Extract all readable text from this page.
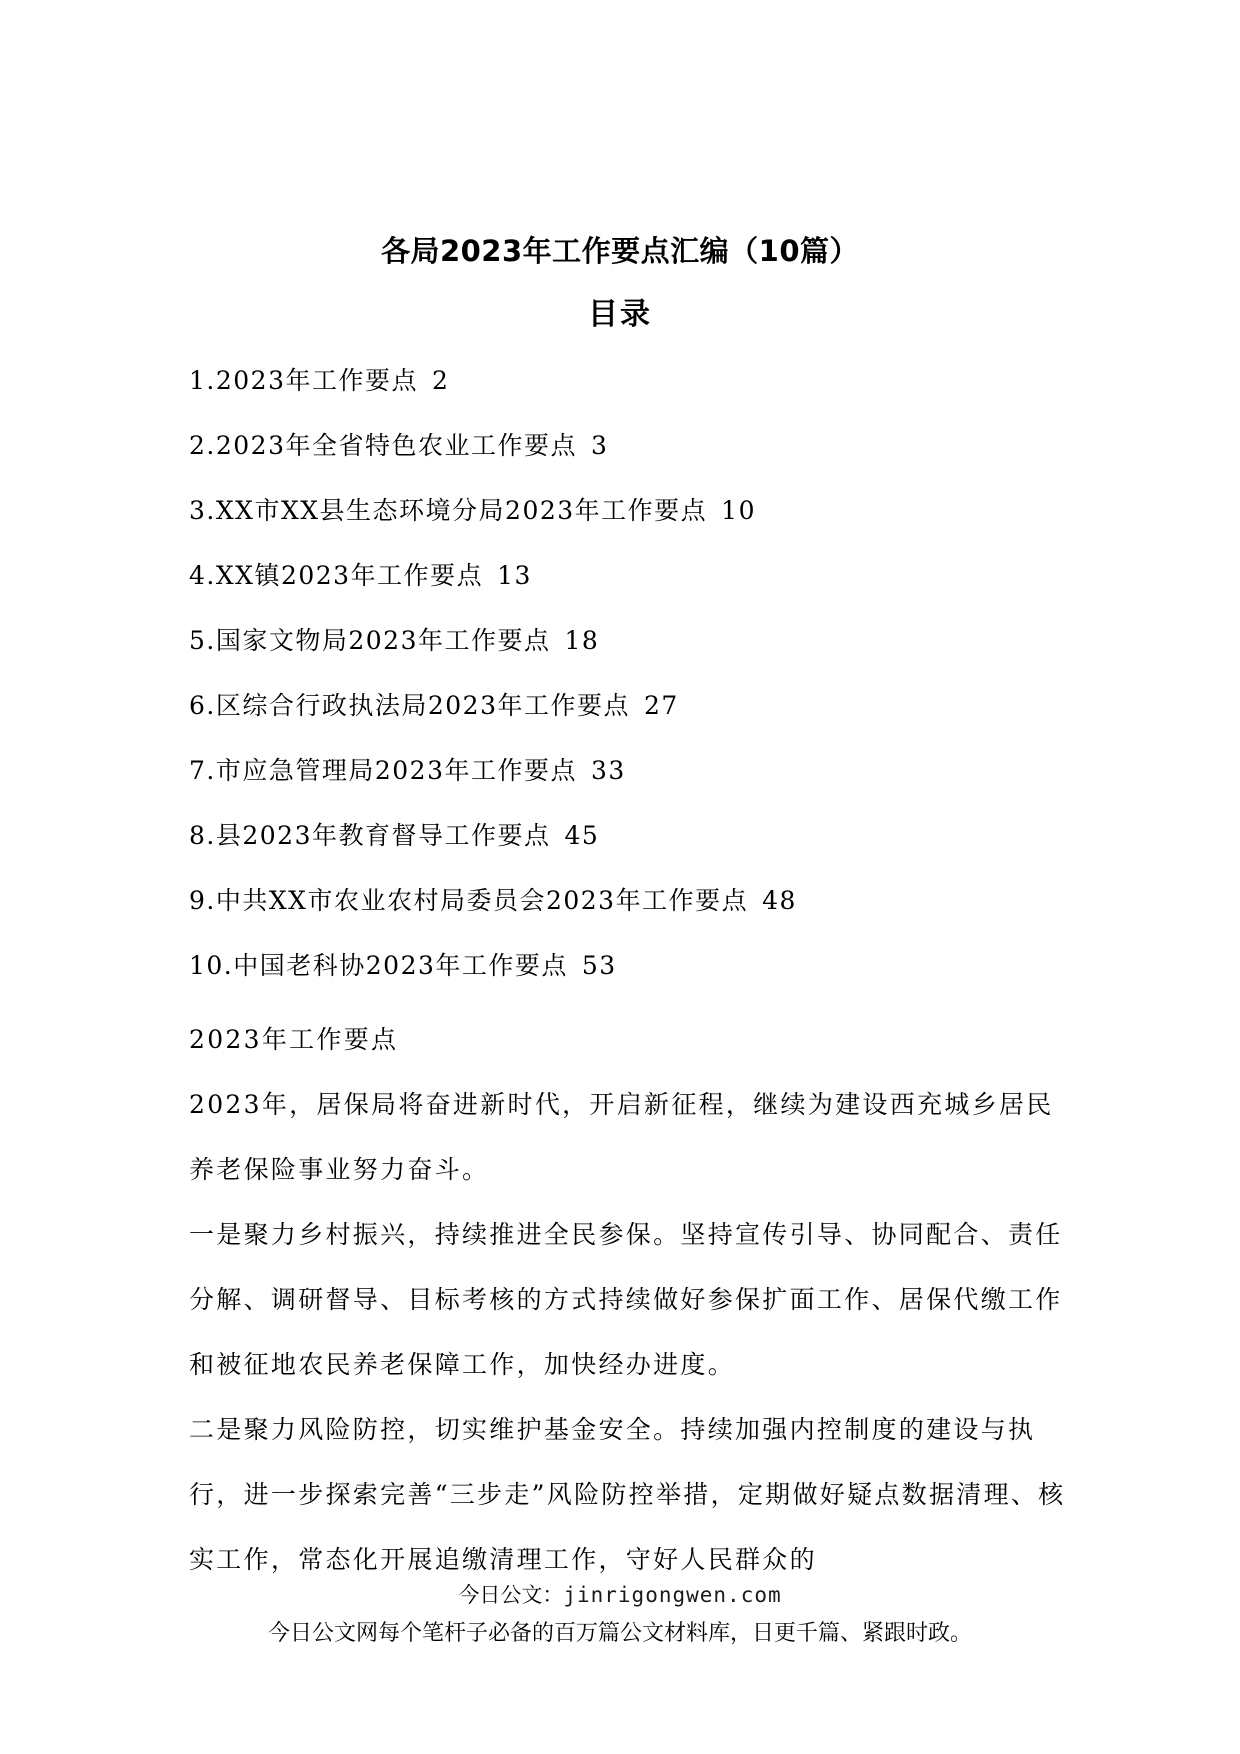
各局2023年工作要点汇编（10篇）
目录
1.2023年工作要点 2
2.2023年全省特色农业工作要点 3
3.XX市XX县生态环境分局2023年工作要点 10
4.XX镇2023年工作要点 13
5.国家文物局2023年工作要点 18
6.区综合行政执法局2023年工作要点 27
7.市应急管理局2023年工作要点 33
8.县2023年教育督导工作要点 45
9.中共XX市农业农村局委员会2023年工作要点 48
10.中国老科协2023年工作要点 53

2023年工作要点

2023年，居保局将奋进新时代，开启新征程，继续为建设西充城乡居民养老保险事业努力奋斗。

一是聚力乡村振兴，持续推进全民参保。坚持宣传引导、协同配合、责任分解、调研督导、目标考核的方式持续做好参保扩面工作、居保代缴工作和被征地农民养老保障工作，加快经办进度。

二是聚力风险防控，切实维护基金安全。持续加强内控制度的建设与执行，进一步探索完善“三步走”风险防控举措，定期做好疑点数据清理、核实工作，常态化开展追缴清理工作，守好人民群众的

今日公文：jinrigongwen.com
今日公文网每个笔杆子必备的百万篇公文材料库，日更千篇、紧跟时政。
